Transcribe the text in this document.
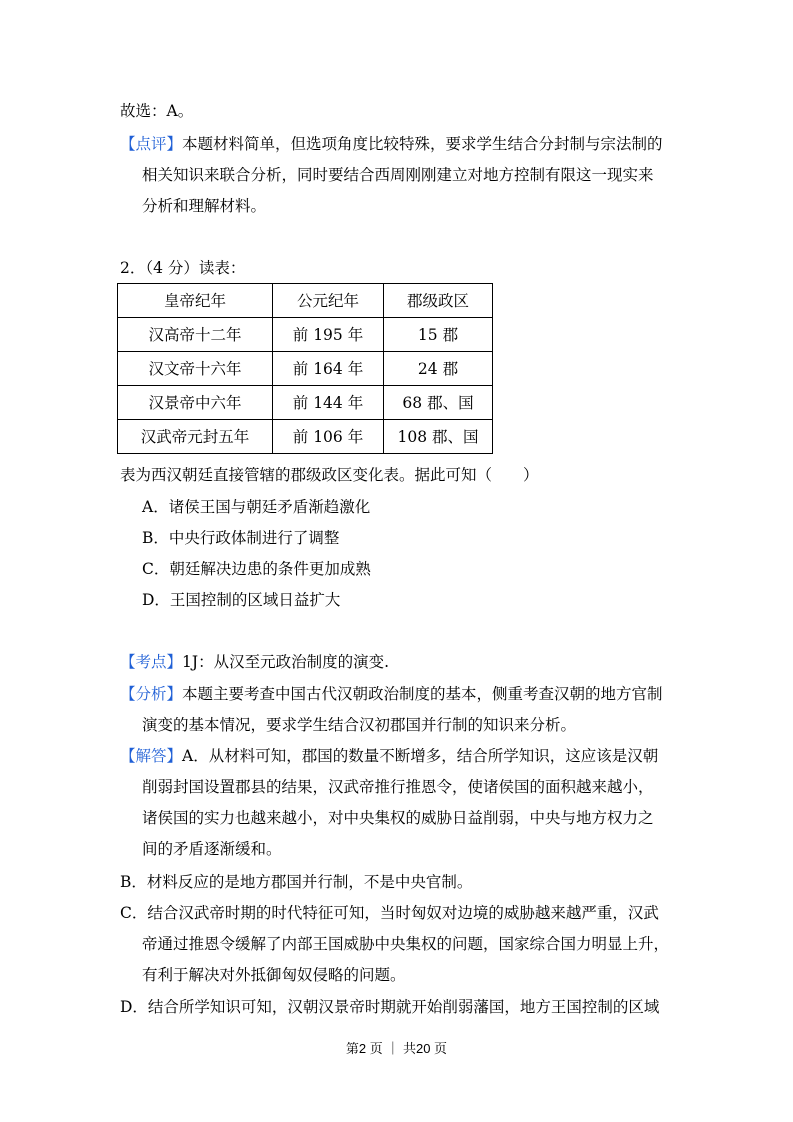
故选：A。
【点评】本题材料简单，但选项角度比较特殊，要求学生结合分封制与宗法制的
相关知识来联合分析，同时要结合西周刚刚建立对地方控制有限这一现实来
分析和理解材料。
2．（4 分）读表：
皇帝纪年	公元纪年	郡级政区
汉高帝十二年	前 195 年	15 郡
汉文帝十六年	前 164 年	24 郡
汉景帝中六年	前 144 年	68 郡、国
汉武帝元封五年	前 106 年	108 郡、国
表为西汉朝廷直接管辖的郡级政区变化表。据此可知（　　）
A．诸侯王国与朝廷矛盾渐趋激化
B．中央行政体制进行了调整
C．朝廷解决边患的条件更加成熟
D．王国控制的区域日益扩大
【考点】1J：从汉至元政治制度的演变.
【分析】本题主要考查中国古代汉朝政治制度的基本，侧重考查汉朝的地方官制
演变的基本情况，要求学生结合汉初郡国并行制的知识来分析。
【解答】A．从材料可知，郡国的数量不断增多，结合所学知识，这应该是汉朝
削弱封国设置郡县的结果，汉武帝推行推恩令，使诸侯国的面积越来越小，
诸侯国的实力也越来越小，对中央集权的威胁日益削弱，中央与地方权力之
间的矛盾逐渐缓和。
B．材料反应的是地方郡国并行制，不是中央官制。
C．结合汉武帝时期的时代特征可知，当时匈奴对边境的威胁越来越严重，汉武
帝通过推恩令缓解了内部王国威胁中央集权的问题，国家综合国力明显上升，
有利于解决对外抵御匈奴侵略的问题。
D．结合所学知识可知，汉朝汉景帝时期就开始削弱藩国，地方王国控制的区域
第2 页 ｜ 共20 页
